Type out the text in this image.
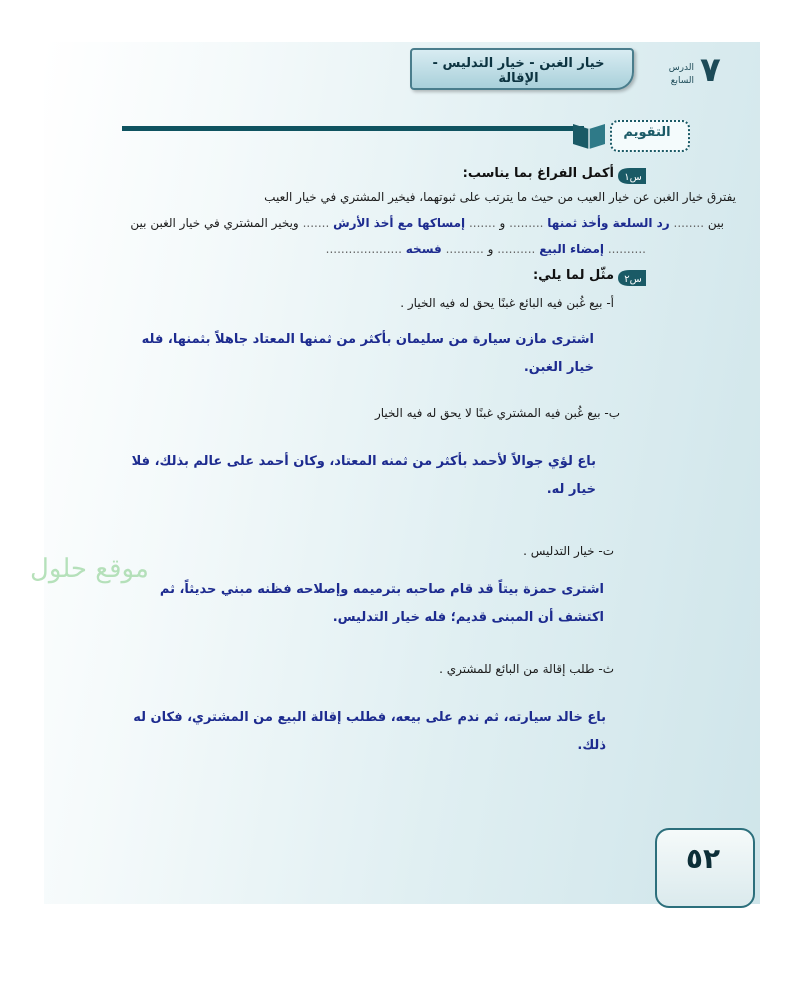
٧
الدرس
السابع
خيار الغبن - خيار التدليس - الإقالة
التقويم
س١
أكمل الفراغ بما يناسب:
يفترق خيار الغبن عن خيار العيب من حيث ما يترتب على ثبوتهما، فيخير المشتري في خيار العيب
بين ........ رد السلعة وأخذ ثمنها ......... و ....... إمساكها مع أخذ الأرش ....... ويخير المشتري في خيار الغبن بين
.......... إمضاء البيع .......... و .......... فسخه ....................
س٢
مثّل لما يلي:
أ- بيع غُبن فيه البائع غبنًا يحق له فيه الخيار .
اشترى مازن سيارة من سليمان بأكثر من ثمنها المعتاد جاهلاً بثمنها، فله خيار الغبن.
ب- بيع غُبن فيه المشتري غبنًا لا يحق له فيه الخيار
باع لؤي جوالاً لأحمد بأكثر من ثمنه المعتاد، وكان أحمد على عالم بذلك، فلا خيار له.
ت- خيار التدليس .
اشترى حمزة بيتاً قد قام صاحبه بترميمه وإصلاحه فظنه مبني حديثاً، ثم اكتشف أن المبنى قديم؛ فله خيار التدليس.
ث- طلب إقالة من البائع للمشتري .
باع خالد سيارته، ثم ندم على بيعه، فطلب إقالة البيع من المشتري، فكان له ذلك.
موقع حلول
٥٢
